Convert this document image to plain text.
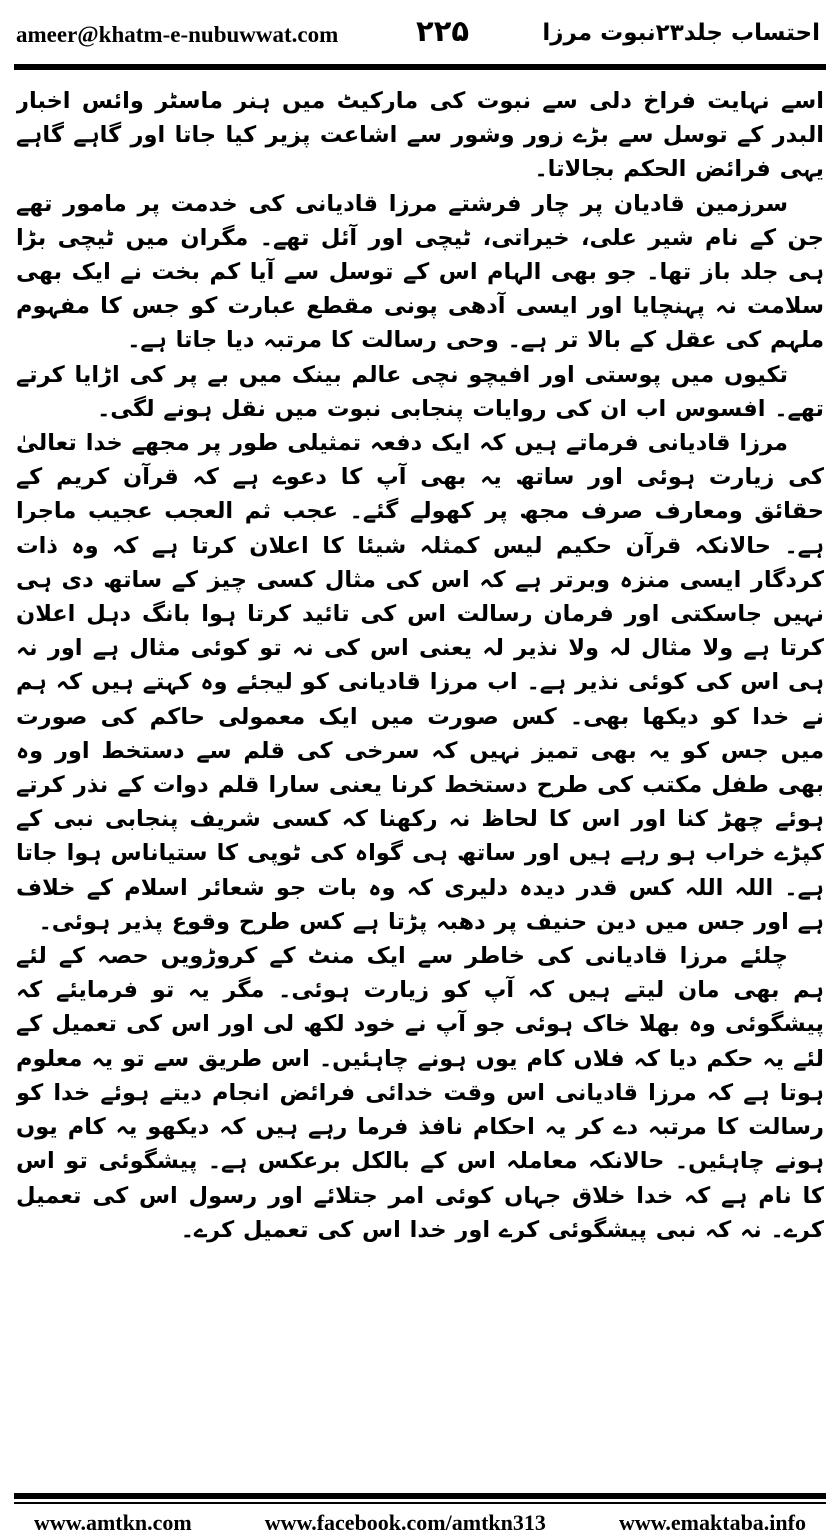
ameer@khatm-e-nubuwwat.com	۲۲۵	احتساب جلد۲۳نبوت مرزا

اسے نہایت فراخ دلی سے نبوت کی مارکیٹ میں ہنر ماسٹر وائس اخبار البدر کے توسل سے بڑے زور وشور سے اشاعت پزیر کیا جاتا اور گاہے گاہے یہی فرائض الحکم بجالاتا۔

سرزمین قادیان پر چار فرشتے مرزا قادیانی کی خدمت پر مامور تھے جن کے نام شیر علی، خیراتی، ٹیچی اور آئل تھے۔ مگران میں ٹیچی بڑا ہی جلد باز تھا۔ جو بھی الہام اس کے توسل سے آیا کم بخت نے ایک بھی سلامت نہ پہنچایا اور ایسی آدھی پونی مقطع عبارت کو جس کا مفہوم ملہم کی عقل کے بالا تر ہے۔ وحی رسالت کا مرتبہ دیا جاتا ہے۔

تکیوں میں پوستی اور افیچو نچی عالم بینک میں بے پر کی اڑایا کرتے تھے۔ افسوس اب ان کی روایات پنجابی نبوت میں نقل ہونے لگی۔

مرزا قادیانی فرماتے ہیں کہ ایک دفعہ تمثیلی طور پر مجھے خدا تعالیٰ کی زیارت ہوئی اور ساتھ یہ بھی آپ کا دعوے ہے کہ قرآن کریم کے حقائق ومعارف صرف مجھ پر کھولے گئے۔ عجب ثم العجب عجیب ماجرا ہے۔ حالانکہ قرآن حکیم لیس کمثلہ شیئا کا اعلان کرتا ہے کہ وہ ذات کردگار ایسی منزہ وبرتر ہے کہ اس کی مثال کسی چیز کے ساتھ دی ہی نہیں جاسکتی اور فرمان رسالت اس کی تائید کرتا ہوا بانگ دہل اعلان کرتا ہے ولا مثال لہ ولا نذیر لہ یعنی اس کی نہ تو کوئی مثال ہے اور نہ ہی اس کی کوئی نذیر ہے۔ اب مرزا قادیانی کو لیجئے وہ کہتے ہیں کہ ہم نے خدا کو دیکھا بھی۔ کس صورت میں ایک معمولی حاکم کی صورت میں جس کو یہ بھی تمیز نہیں کہ سرخی کی قلم سے دستخط اور وہ بھی طفل مکتب کی طرح دستخط کرنا یعنی سارا قلم دوات کے نذر کرتے ہوئے چھڑ کنا اور اس کا لحاظ نہ رکھنا کہ کسی شریف پنجابی نبی کے کپڑے خراب ہو رہے ہیں اور ساتھ ہی گواہ کی ٹوپی کا ستیاناس ہوا جاتا ہے۔ اللہ اللہ کس قدر دیدہ دلیری کہ وہ بات جو شعائر اسلام کے خلاف ہے اور جس میں دین حنیف پر دھبہ پڑتا ہے کس طرح وقوع پذیر ہوئی۔

چلئے مرزا قادیانی کی خاطر سے ایک منٹ کے کروڑویں حصہ کے لئے ہم بھی مان لیتے ہیں کہ آپ کو زیارت ہوئی۔ مگر یہ تو فرمایئے کہ پیشگوئی وہ بھلا خاک ہوئی جو آپ نے خود لکھ لی اور اس کی تعمیل کے لئے یہ حکم دیا کہ فلاں کام یوں ہونے چاہئیں۔ اس طریق سے تو یہ معلوم ہوتا ہے کہ مرزا قادیانی اس وقت خدائی فرائض انجام دیتے ہوئے خدا کو رسالت کا مرتبہ دے کر یہ احکام نافذ فرما رہے ہیں کہ دیکھو یہ کام یوں ہونے چاہئیں۔ حالانکہ معاملہ اس کے بالکل برعکس ہے۔ پیشگوئی تو اس کا نام ہے کہ خدا خلاق جہاں کوئی امر جتلائے اور رسول اس کی تعمیل کرے۔ نہ کہ نبی پیشگوئی کرے اور خدا اس کی تعمیل کرے۔

www.amtkn.com	www.facebook.com/amtkn313	www.emaktaba.info
